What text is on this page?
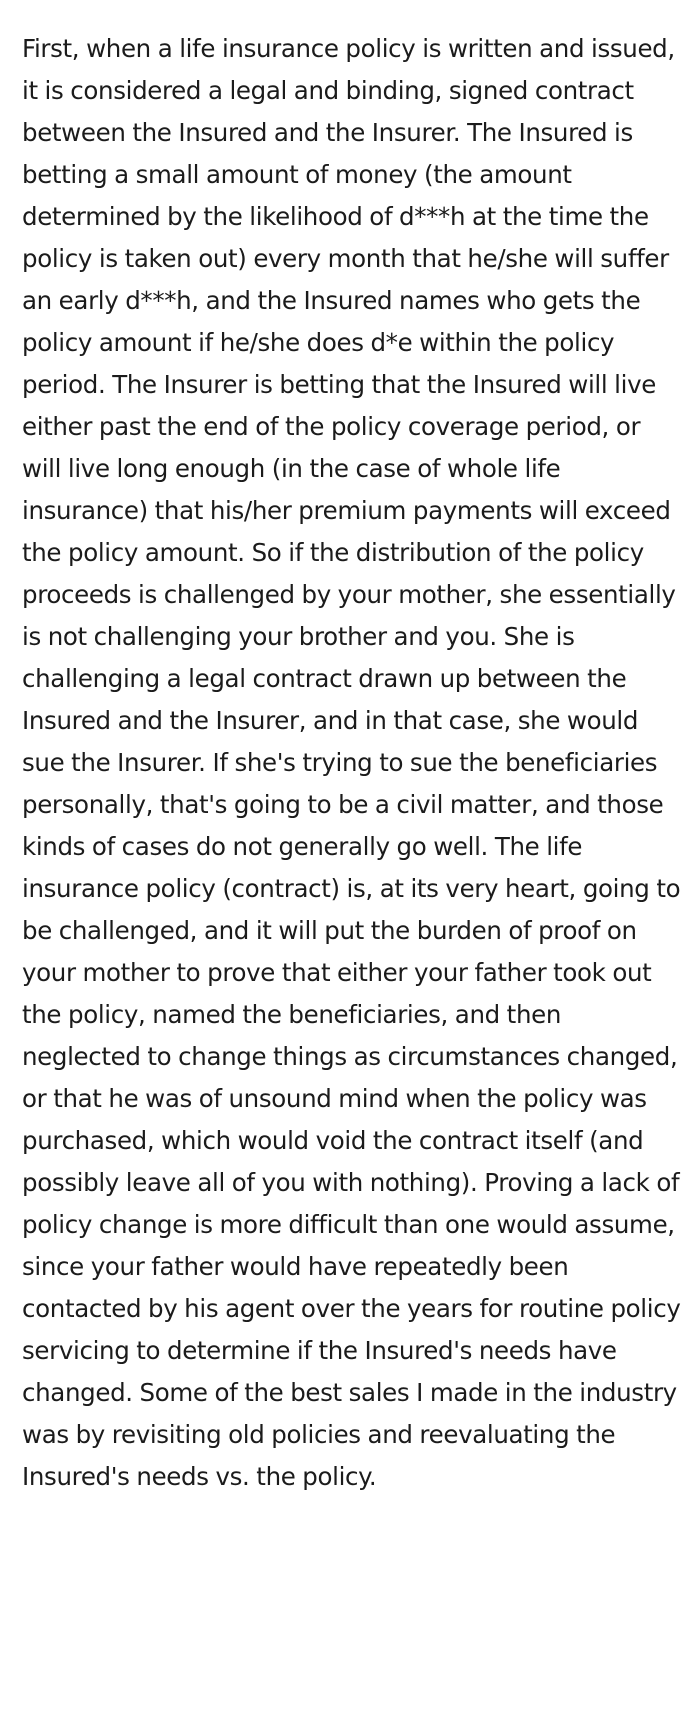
First, when a life insurance policy is written and issued, it is considered a legal and binding, signed contract between the Insured and the Insurer. The Insured is betting a small amount of money (the amount determined by the likelihood of d***h at the time the policy is taken out) every month that he/she will suffer an early d***h, and the Insured names who gets the policy amount if he/she does d*e within the policy period. The Insurer is betting that the Insured will live either past the end of the policy coverage period, or will live long enough (in the case of whole life insurance) that his/her premium payments will exceed the policy amount. So if the distribution of the policy proceeds is challenged by your mother, she essentially is not challenging your brother and you. She is challenging a legal contract drawn up between the Insured and the Insurer, and in that case, she would sue the Insurer. If she's trying to sue the beneficiaries personally, that's going to be a civil matter, and those kinds of cases do not generally go well. The life insurance policy (contract) is, at its very heart, going to be challenged, and it will put the burden of proof on your mother to prove that either your father took out the policy, named the beneficiaries, and then neglected to change things as circumstances changed, or that he was of unsound mind when the policy was purchased, which would void the contract itself (and possibly leave all of you with nothing). Proving a lack of policy change is more difficult than one would assume, since your father would have repeatedly been contacted by his agent over the years for routine policy servicing to determine if the Insured's needs have changed. Some of the best sales I made in the industry was by revisiting old policies and reevaluating the Insured's needs vs. the policy.
